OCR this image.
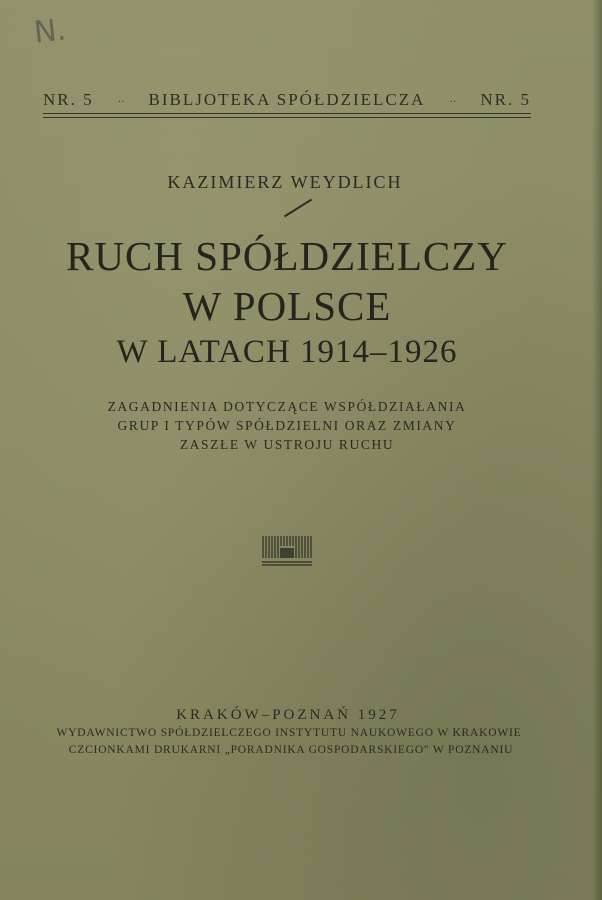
N.
NR. 5 ·· BIBLJOTEKA SPÓŁDZIELCZA ·· NR. 5
KAZIMIERZ WEYDLICH
RUCH SPÓŁDZIELCZY
W POLSCE
W LATACH 1914–1926
ZAGADNIENIA DOTYCZĄCE WSPÓŁDZIAŁANIA
GRUP I TYPÓW SPÓŁDZIELNI ORAZ ZMIANY
ZASZŁE W USTROJU RUCHU
KRAKÓW–POZNAŃ 1927
WYDAWNICTWO SPÓŁDZIELCZEGO INSTYTUTU NAUKOWEGO W KRAKOWIE
CZCIONKAMI DRUKARNI „PORADNIKA GOSPODARSKIEGO" W POZNANIU
